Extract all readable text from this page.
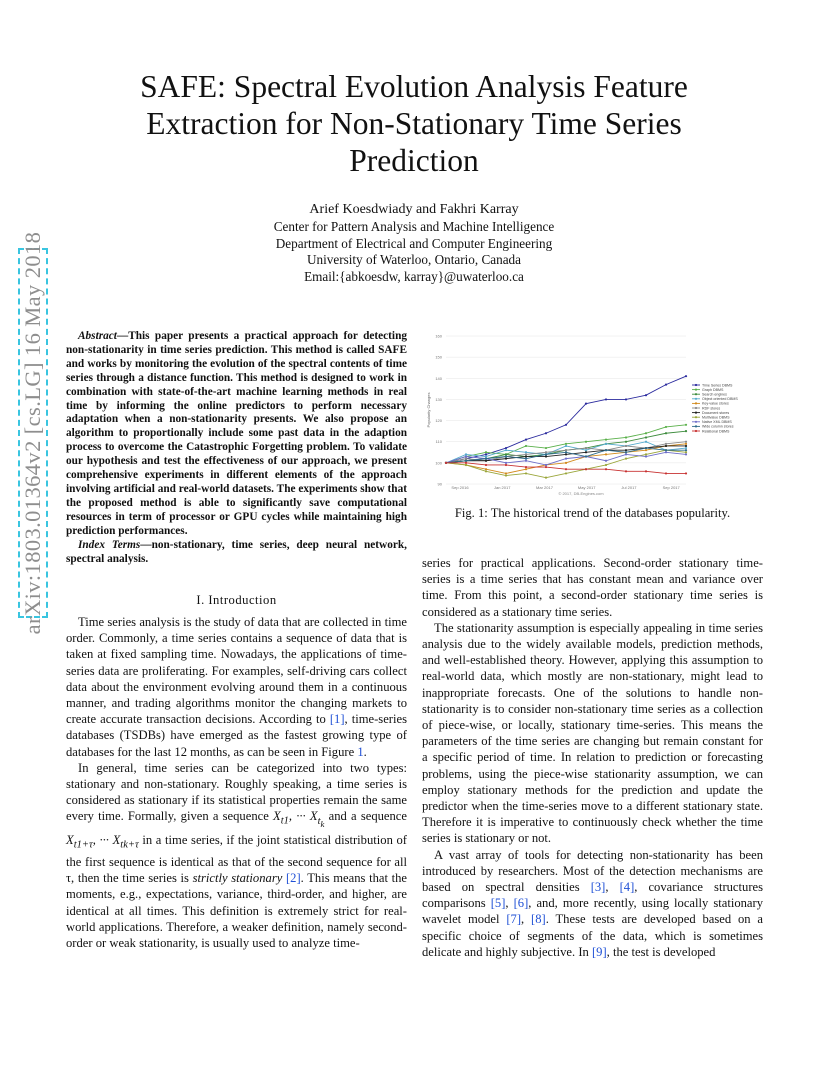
arXiv:1803.01364v2 [cs.LG] 16 May 2018
SAFE: Spectral Evolution Analysis Feature Extraction for Non-Stationary Time Series Prediction
Arief Koesdwiady and Fakhri Karray
Center for Pattern Analysis and Machine Intelligence
Department of Electrical and Computer Engineering
University of Waterloo, Ontario, Canada
Email:{abkoesdw, karray}@uwaterloo.ca

Abstract—This paper presents a practical approach for detecting non-stationarity in time series prediction. This method is called SAFE and works by monitoring the evolution of the spectral contents of time series through a distance function. This method is designed to work in combination with state-of-the-art machine learning methods in real time by informing the online predictors to perform necessary adaptation when a non-stationarity presents. We also propose an algorithm to proportionally include some past data in the adaption process to overcome the Catastrophic Forgetting problem. To validate our hypothesis and test the effectiveness of our approach, we present comprehensive experiments in different elements of the approach involving artificial and real-world datasets. The experiments show that the proposed method is able to significantly save computational resources in term of processor or GPU cycles while maintaining high prediction performances.

Index Terms—non-stationary, time series, deep neural network, spectral analysis.

I. Introduction

Time series analysis is the study of data that are collected in time order. Commonly, a time series contains a sequence of data that is taken at fixed sampling time. Nowadays, the applications of time-series data are proliferating. For examples, self-driving cars collect data about the environment evolving around them in a continuous manner, and trading algorithms monitor the changing markets to create accurate transaction decisions. According to [1], time-series databases (TSDBs) have emerged as the fastest growing type of databases for the last 12 months, as can be seen in Figure 1.

In general, time series can be categorized into two types: stationary and non-stationary. Roughly speaking, a time series is considered as stationary if its statistical properties remain the same every time. Formally, given a sequence $X_{t1}$, ··· $X_{t_k}$ and a sequence $X_{t1+\tau}$, ··· $X_{tk+\tau}$ in a time series, if the joint statistical distribution of the first sequence is identical as that of the second sequence for all τ, then the time series is strictly stationary [2]. This means that the moments, e.g., expectations, variance, third-order, and higher, are identical at all times. This definition is extremely strict for real-world applications. Therefore, a weaker definition, namely second-order or weak stationarity, is usually used to analyze time-

90
100
110
120
130
140
150
160
Sep 2016	Jan 2017	Mar 2017	May 2017	Jul 2017	Sep 2017
Time Series DBMS
Graph DBMS
Search engines
Object oriented DBMS
Key-value stores
RDF stores
Document stores
Multivalue DBMS
Native XML DBMS
Wide column stores
Relational DBMS
Popularity Changes
© 2017, DB-Engines.com
Fig. 1: The historical trend of the databases popularity.

series for practical applications. Second-order stationary time-series is a time series that has constant mean and variance over time. From this point, a second-order stationary time series is considered as a stationary time series.

The stationarity assumption is especially appealing in time series analysis due to the widely available models, prediction methods, and well-established theory. However, applying this assumption to real-world data, which mostly are non-stationary, might lead to inappropriate forecasts. One of the solutions to handle non-stationarity is to consider non-stationary time series as a collection of piece-wise, or locally, stationary time-series. This means the parameters of the time series are changing but remain constant for a specific period of time. In relation to prediction or forecasting problems, using the piece-wise stationarity assumption, we can employ stationary methods for the prediction and update the predictor when the time-series move to a different stationary state. Therefore it is imperative to continuously check whether the time series is stationary or not.

A vast array of tools for detecting non-stationarity has been introduced by researchers. Most of the detection mechanisms are based on spectral densities [3], [4], covariance structures comparisons [5], [6], and, more recently, using locally stationary wavelet model [7], [8]. These tests are developed based on a specific choice of segments of the data, which is sometimes delicate and highly subjective. In [9], the test is developed
